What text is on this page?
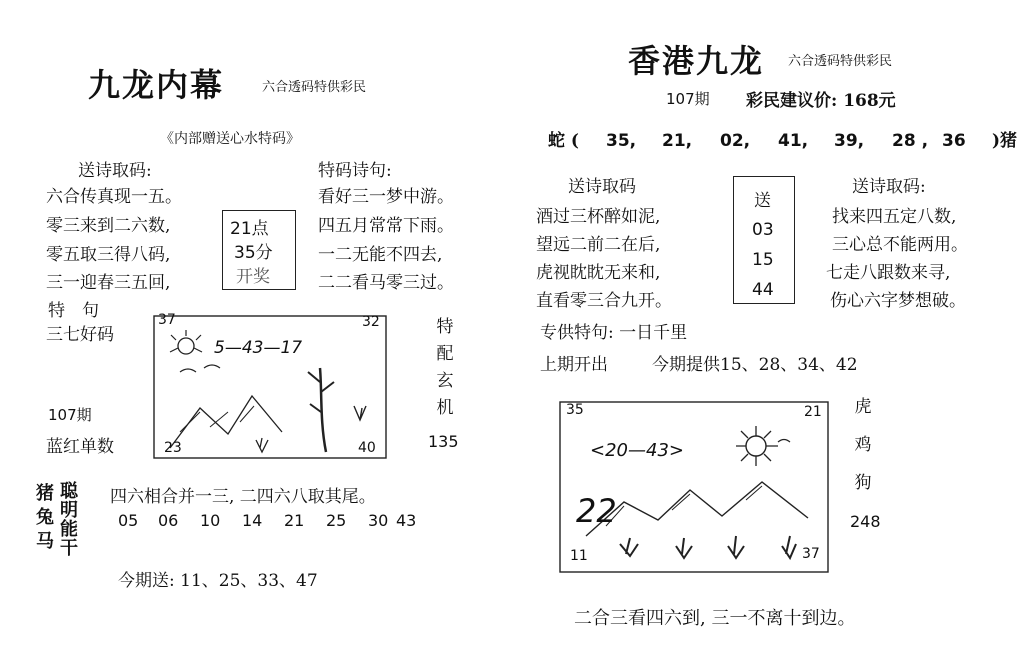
九龙内幕	六合透码特供彩民
《内部赠送心水特码》
送诗取码:	特码诗句:
六合传真现一五。
零三来到二六数,
零五取三得八码,
三一迎春三五回,
看好三一梦中游。
四五月常常下雨。
一二无能不四去,
二二看马零三过。
21点
35分
开奖
特　句
三七好码
107期
蓝红单数
37	32
23	40
5—43—17
特
配
玄
机
135
猪
兔
马
聪
明
能
干
四六相合并一三, 二四六八取其尾。
05 06 10 14 21 25 30 43
今期送: 11、25、33、47
香港九龙 六合透码特供彩民
107期 彩民建议价: 168元
蛇 ( 35, 21, 02, 41, 39, 28 , 36 )猪
送诗取码	送诗取码:
酒过三杯醉如泥,
望远二前二在后,
虎视眈眈无来和,
直看零三合九开。
送
03
15
44
找来四五定八数,
三心总不能两用。
七走八跟数来寻,
伤心六字梦想破。
专供特句: 一日千里
上期开出	今期提供15、28、34、42
35	21
11	37
<20—43>
22
虎
鸡
狗
248
二合三看四六到, 三一不离十到边。
